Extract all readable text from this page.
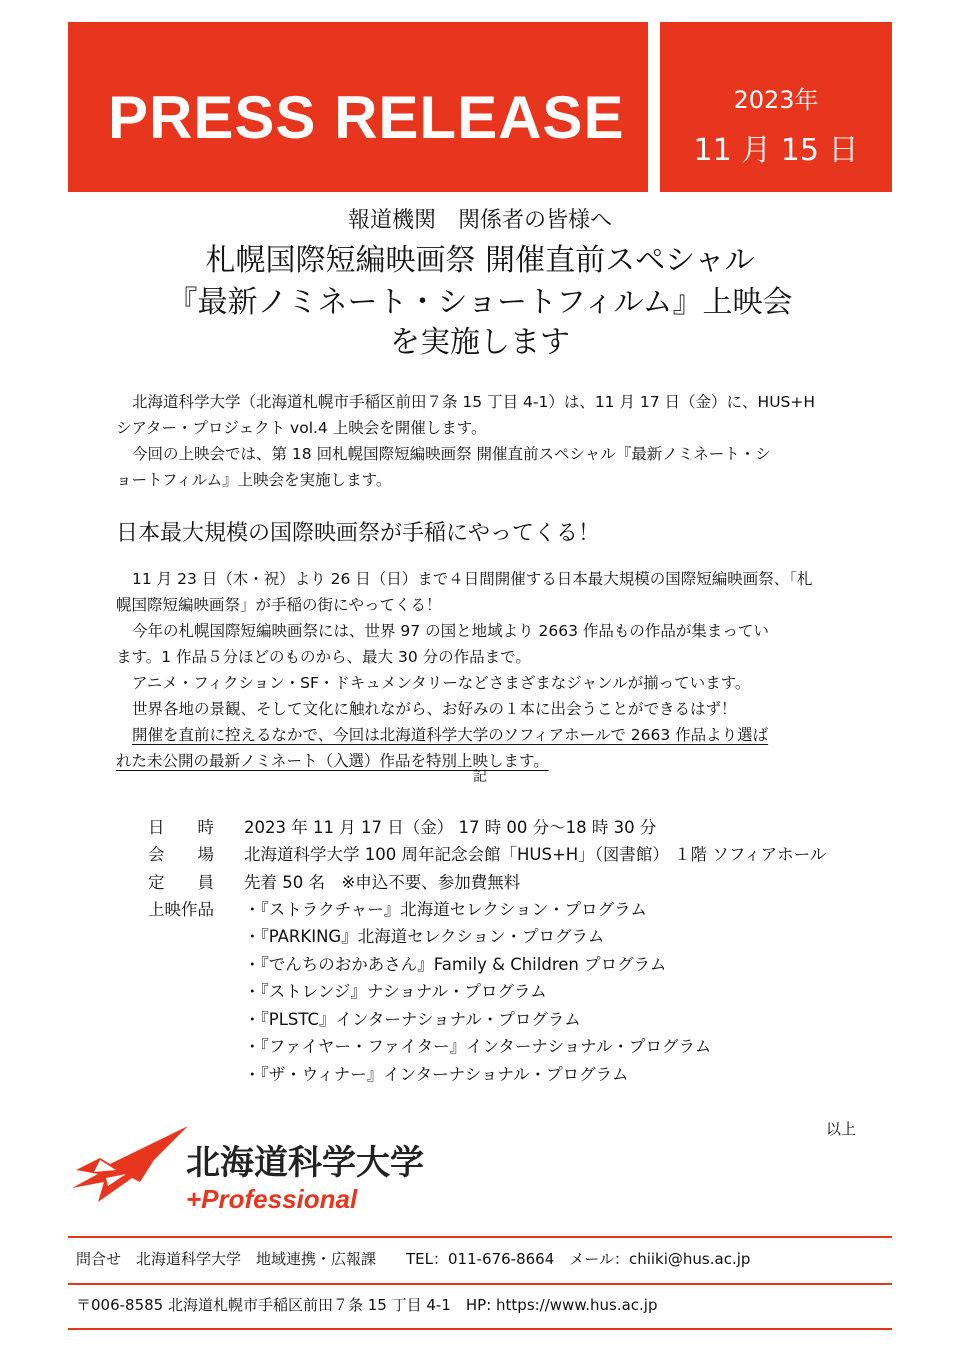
PRESS RELEASE	2023年
11 月 15 日
報道機関　関係者の皆様へ
札幌国際短編映画祭 開催直前スペシャル
『最新ノミネート・ショートフィルム』上映会
を実施します

北海道科学大学（北海道札幌市手稲区前田７条 15 丁目 4-1）は、11 月 17 日（金）に、HUS+H

シアター・プロジェクト vol.4 上映会を開催します。

今回の上映会では、第 18 回札幌国際短編映画祭 開催直前スペシャル『最新ノミネート・シ

ョートフィルム』上映会を実施します。

日本最大規模の国際映画祭が手稲にやってくる！

11 月 23 日（木・祝）より 26 日（日）まで４日間開催する日本最大規模の国際短編映画祭、「札

幌国際短編映画祭」が手稲の街にやってくる！

今年の札幌国際短編映画祭には、世界 97 の国と地域より 2663 作品もの作品が集まってい

ます。1 作品５分ほどのものから、最大 30 分の作品まで。

アニメ・フィクション・SF・ドキュメンタリーなどさまざまなジャンルが揃っています。

世界各地の景観、そして文化に触れながら、お好みの１本に出会うことができるはず！

開催を直前に控えるなかで、今回は北海道科学大学のソフィアホールで 2663 作品より選ば

れた未公開の最新ノミネート（入選）作品を特別上映します。

記
日　　時 2023 年 11 月 17 日（金） 17 時 00 分～18 時 30 分
会　　場 北海道科学大学 100 周年記念会館「HUS+H」（図書館） １階 ソフィアホール
定　　員 先着 50 名　※申込不要、参加費無料
上映作品	・『ストラクチャー』北海道セレクション・プログラム
・『PARKING』北海道セレクション・プログラム
・『でんちのおかあさん』Family & Children プログラム
・『ストレンジ』ナショナル・プログラム
・『PLSTC』インターナショナル・プログラム
・『ファイヤー・ファイター』インターナショナル・プログラム
・『ザ・ウィナー』インターナショナル・プログラム
以上
北海道科学大学
+Professional
問合せ　北海道科学大学　地域連携・広報課　　TEL：011-676-8664　メール：chiiki@hus.ac.jp
〒006-8585 北海道札幌市手稲区前田７条 15 丁目 4-1　HP: https://www.hus.ac.jp
